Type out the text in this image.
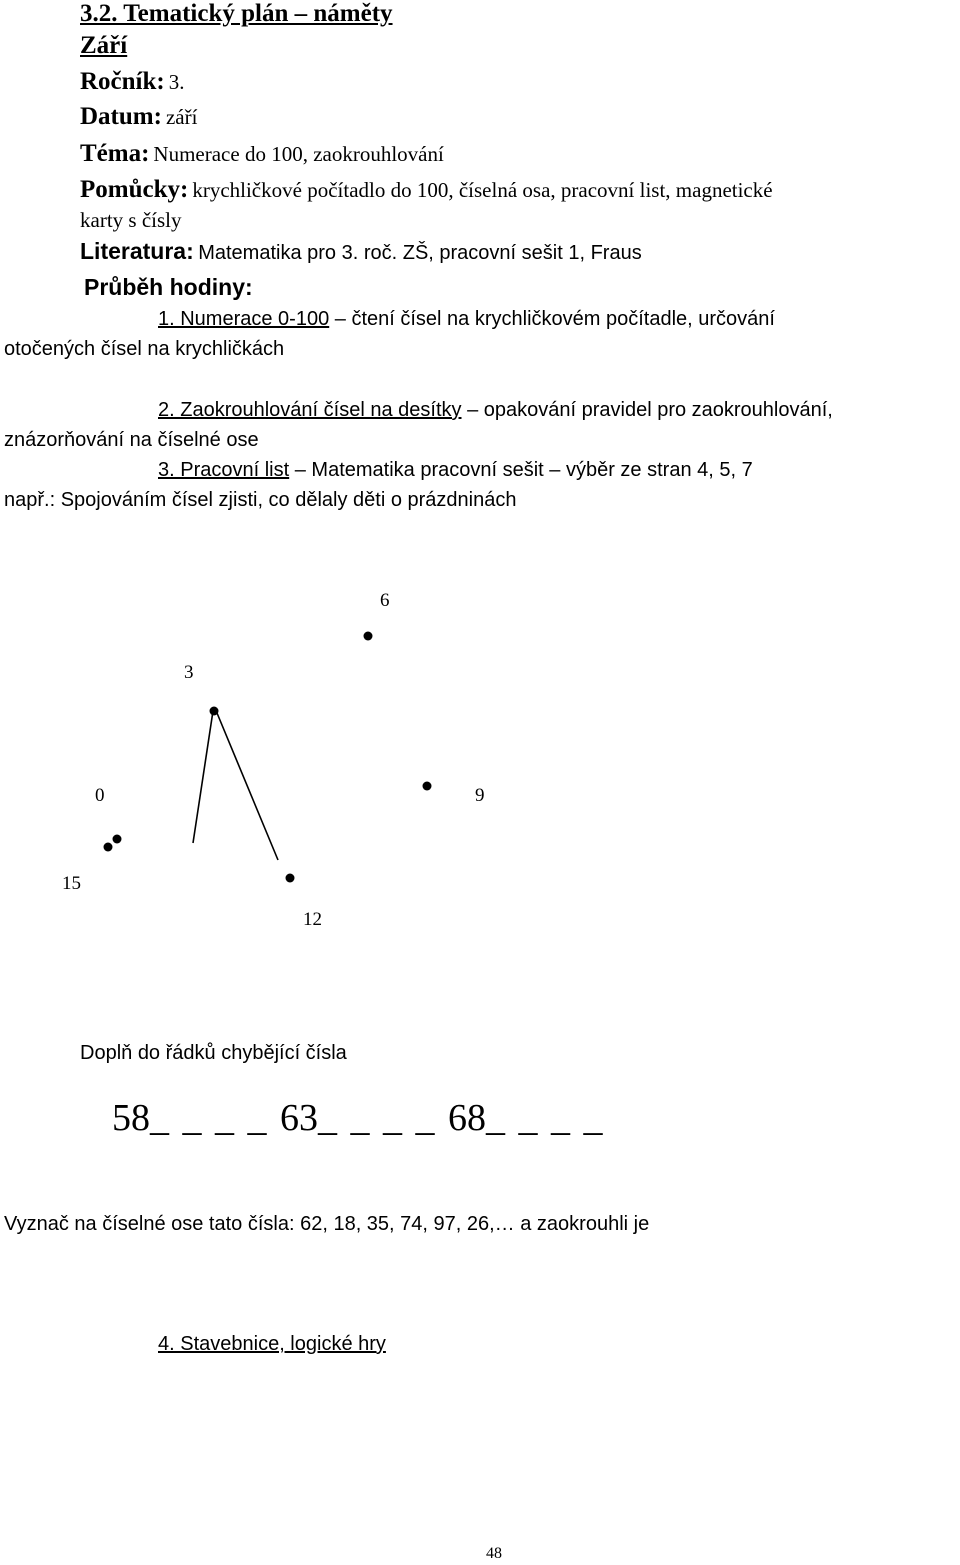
3.2. Tematický plán – náměty
Září
Ročník: 3.
Datum: září
Téma: Numerace do 100, zaokrouhlování
Pomůcky: krychličkové počítadlo do 100, číselná osa, pracovní list, magnetické
karty s čísly
Literatura: Matematika pro 3. roč. ZŠ, pracovní sešit 1, Fraus
Průběh hodiny:
1. Numerace 0-100 – čtení čísel na krychličkovém počítadle, určování
otočených čísel na krychličkách
2. Zaokrouhlování čísel na desítky – opakování pravidel pro zaokrouhlování,
znázorňování na číselné ose
3. Pracovní list – Matematika pracovní sešit – výběr ze stran 4, 5, 7
např.: Spojováním čísel zjisti, co dělaly děti o prázdninách
6
3
0	9
15
12
Doplň do řádků chybějící čísla
58_ _ _ _ 63_ _ _ _ 68_ _ _ _
Vyznač na číselné ose tato čísla: 62, 18, 35, 74, 97, 26,… a zaokrouhli je
4. Stavebnice, logické hry
48
